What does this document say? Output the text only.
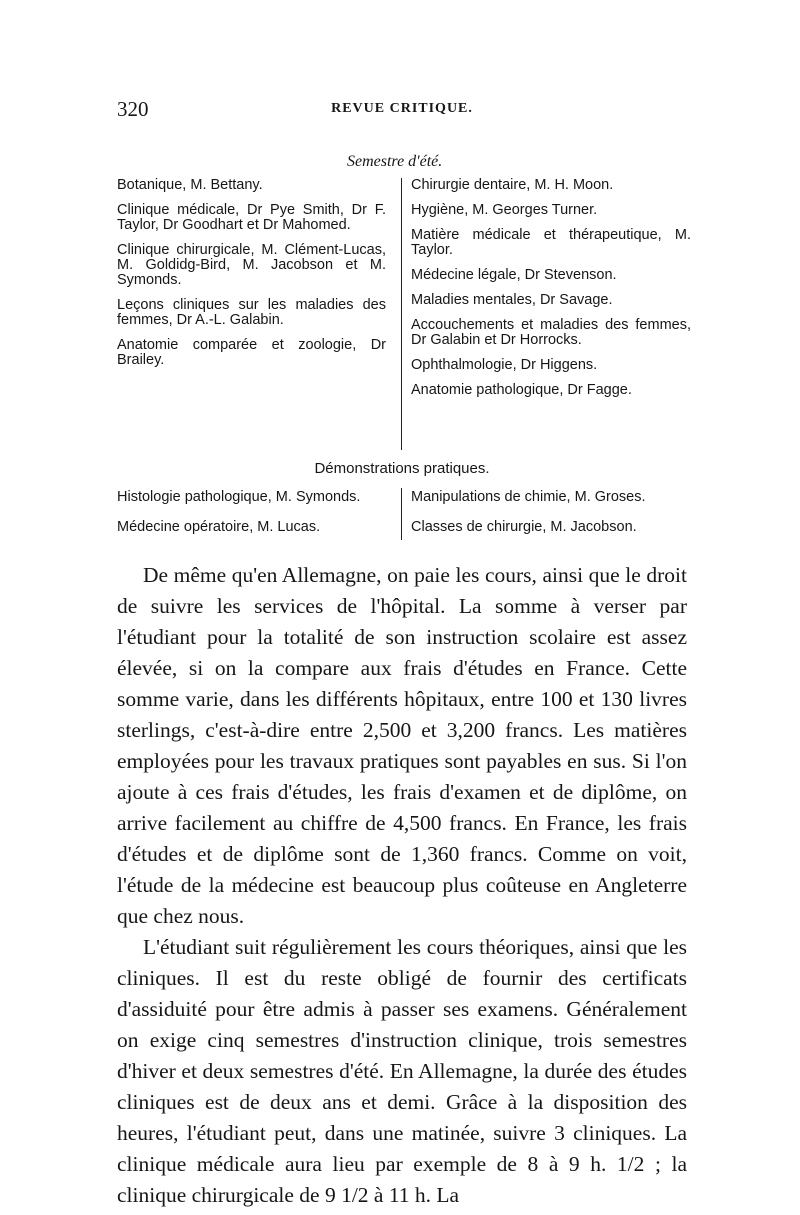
320	REVUE CRITIQUE.
Semestre d'été.
Botanique, M. Bettany.
Clinique médicale, Dr Pye Smith, Dr F. Taylor, Dr Goodhart et Dr Mahomed.
Clinique chirurgicale, M. Clément-Lucas, M. Goldidg-Bird, M. Jacobson et M. Symonds.
Leçons cliniques sur les maladies des femmes, Dr A.-L. Galabin.
Anatomie comparée et zoologie, Dr Brailey.
Chirurgie dentaire, M. H. Moon.
Hygiène, M. Georges Turner.
Matière médicale et thérapeutique, M. Taylor.
Médecine légale, Dr Stevenson.
Maladies mentales, Dr Savage.
Accouchements et maladies des femmes, Dr Galabin et Dr Horrocks.
Ophthalmologie, Dr Higgens.
Anatomie pathologique, Dr Fagge.
Démonstrations pratiques.
Histologie pathologique, M. Symonds.
Médecine opératoire, M. Lucas.
Manipulations de chimie, M. Groses.
Classes de chirurgie, M. Jacobson.

De même qu'en Allemagne, on paie les cours, ainsi que le droit de suivre les services de l'hôpital. La somme à verser par l'étudiant pour la totalité de son instruction scolaire est assez élevée, si on la compare aux frais d'études en France. Cette somme varie, dans les différents hôpitaux, entre 100 et 130 livres sterlings, c'est-à-dire entre 2,500 et 3,200 francs. Les matières employées pour les travaux pratiques sont payables en sus. Si l'on ajoute à ces frais d'études, les frais d'examen et de diplôme, on arrive facilement au chiffre de 4,500 francs. En France, les frais d'études et de diplôme sont de 1,360 francs. Comme on voit, l'étude de la médecine est beaucoup plus coûteuse en Angleterre que chez nous.

L'étudiant suit régulièrement les cours théoriques, ainsi que les cliniques. Il est du reste obligé de fournir des certificats d'assiduité pour être admis à passer ses examens. Généralement on exige cinq semestres d'instruction clinique, trois semestres d'hiver et deux semestres d'été. En Allemagne, la durée des études cliniques est de deux ans et demi. Grâce à la disposition des heures, l'étudiant peut, dans une matinée, suivre 3 cliniques. La clinique médicale aura lieu par exemple de 8 à 9 h. 1/2 ; la clinique chirurgicale de 9 1/2 à 11 h. La
